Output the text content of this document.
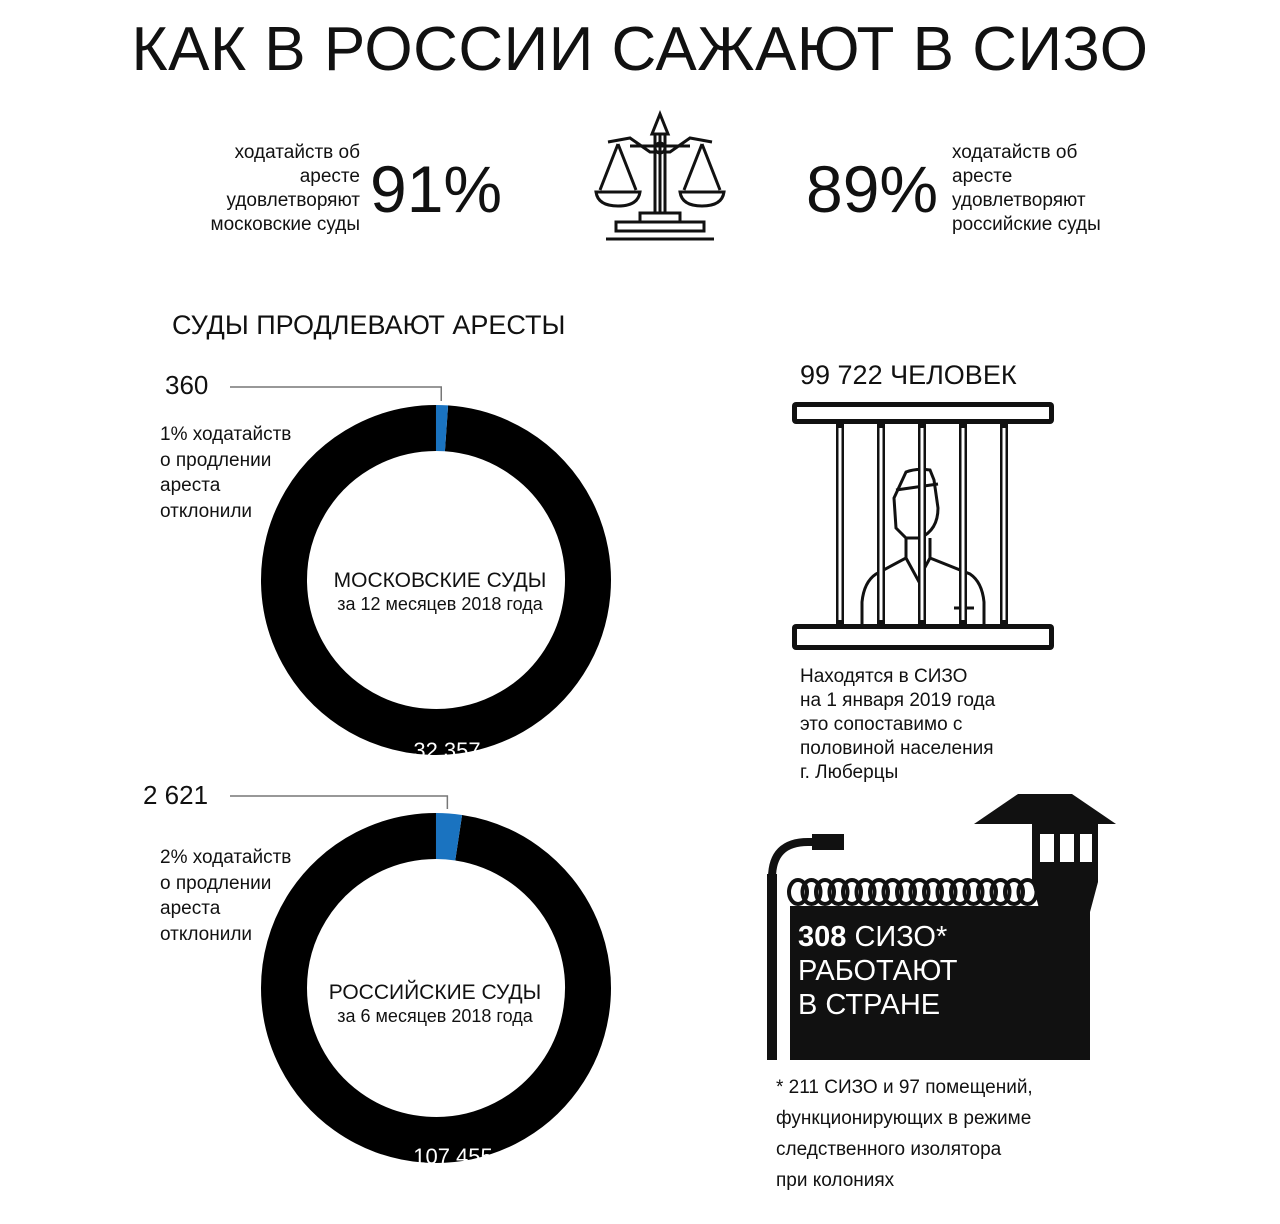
КАК В РОССИИ САЖАЮТ В СИЗО
ходатайств об
аресте
удовлетворяют
московские суды 91%	89% ходатайств об
аресте
удовлетворяют
российские суды
СУДЫ ПРОДЛЕВАЮТ АРЕСТЫ
360
1% ходатайств
о продлении
ареста
отклонили
МОСКОВСКИЕ СУДЫ
за 12 месяцев 2018 года
32 357
2 621
2% ходатайств
о продлении
ареста
отклонили
РОССИЙСКИЕ СУДЫ
за 6 месяцев 2018 года
107 455
99 722 ЧЕЛОВЕК
Находятся в СИЗО
на 1 января 2019 года
это сопоставимо с
половиной населения
г. Люберцы
308 СИЗО*
РАБОТАЮТ
В СТРАНЕ
* 211 СИЗО и 97 помещений,
функционирующих в режиме
следственного изолятора
при колониях
